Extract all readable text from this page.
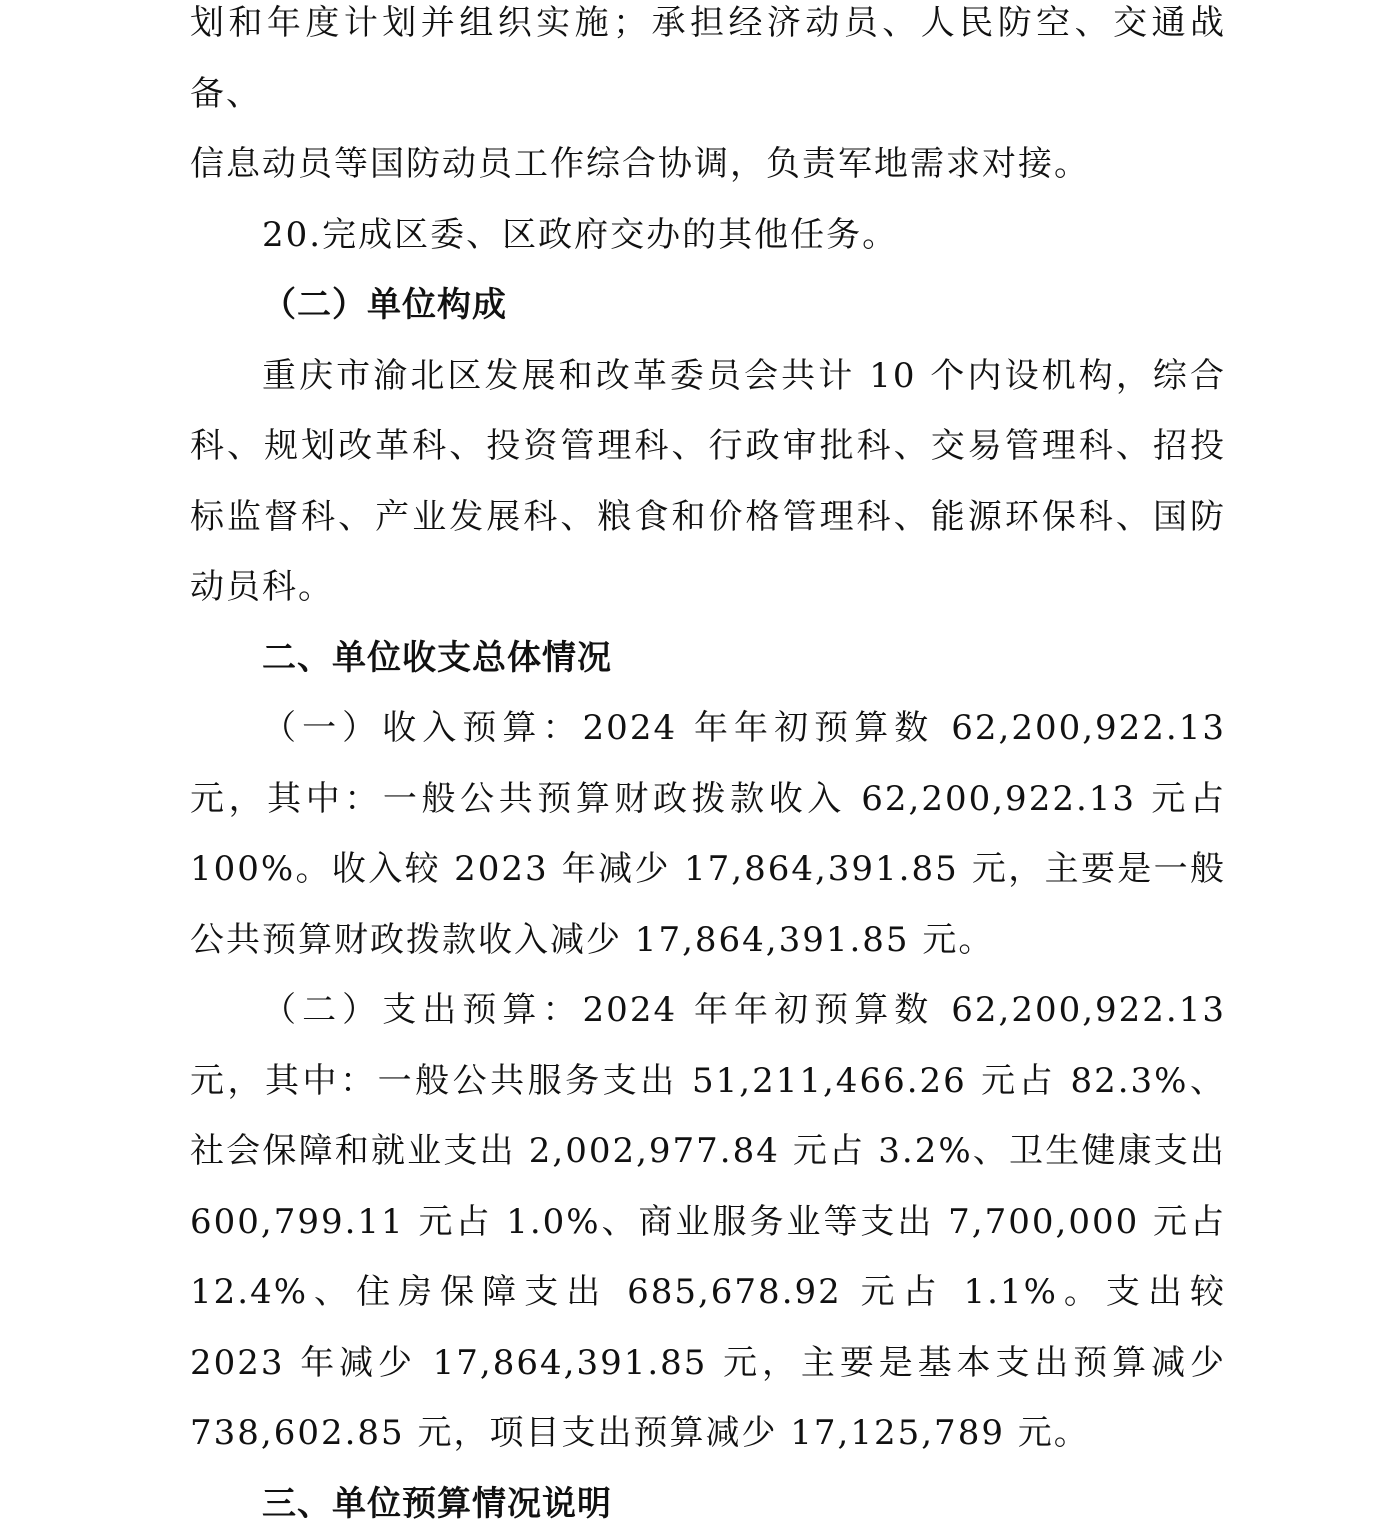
划和年度计划并组织实施；承担经济动员、人民防空、交通战备、

信息动员等国防动员工作综合协调，负责军地需求对接。

20.完成区委、区政府交办的其他任务。

（二）单位构成

重庆市渝北区发展和改革委员会共计 10 个内设机构，综合科、规划改革科、投资管理科、行政审批科、交易管理科、招投标监督科、产业发展科、粮食和价格管理科、能源环保科、国防动员科。

二、单位收支总体情况

（一）收入预算：2024 年年初预算数 62,200,922.13 元，其中：一般公共预算财政拨款收入 62,200,922.13 元占 100%。收入较 2023 年减少 17,864,391.85 元，主要是一般公共预算财政拨款收入减少 17,864,391.85 元。

（二）支出预算：2024 年年初预算数 62,200,922.13 元，其中：一般公共服务支出 51,211,466.26 元占 82.3%、社会保障和就业支出 2,002,977.84 元占 3.2%、卫生健康支出 600,799.11 元占 1.0%、商业服务业等支出 7,700,000 元占 12.4%、住房保障支出 685,678.92 元占 1.1%。支出较 2023 年减少 17,864,391.85 元，主要是基本支出预算减少 738,602.85 元，项目支出预算减少 17,125,789 元。

三、单位预算情况说明
